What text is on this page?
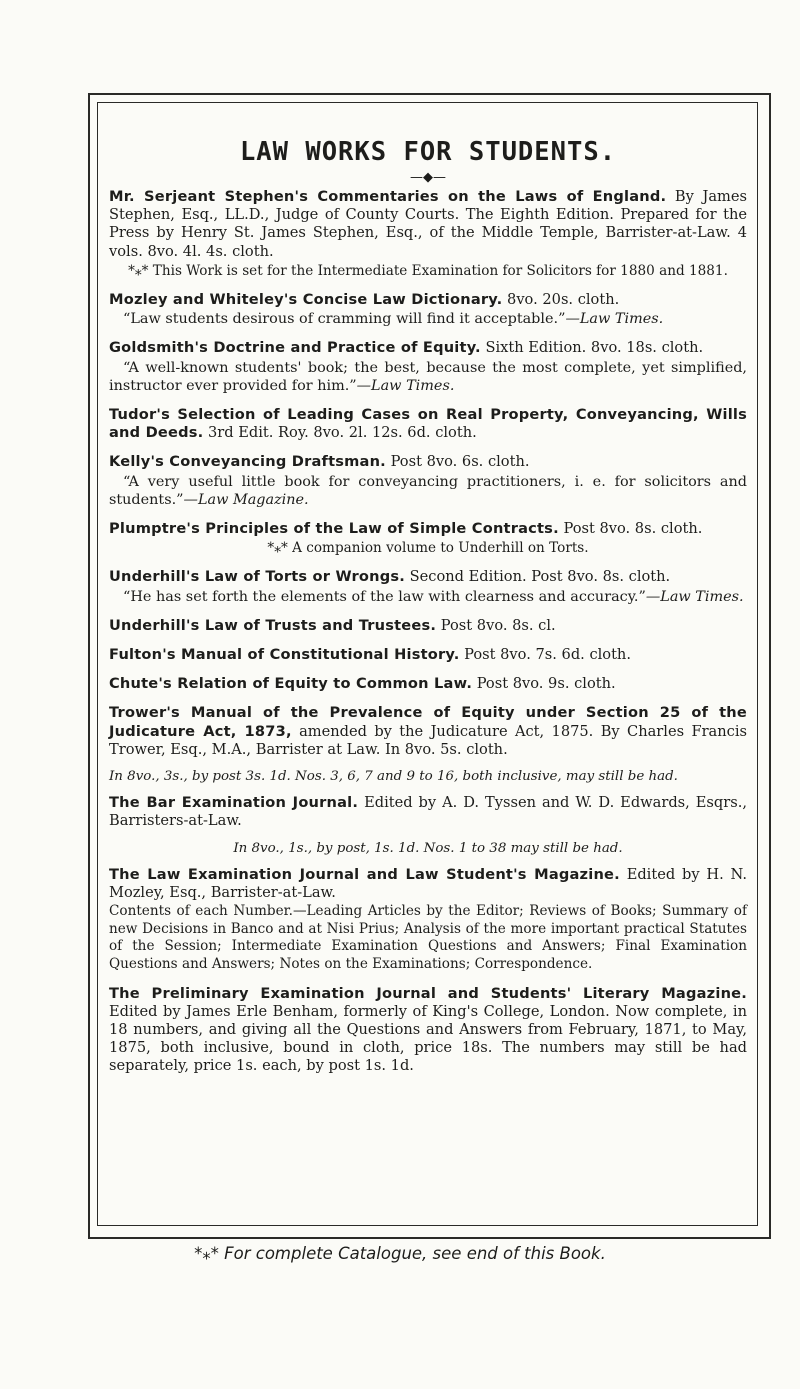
LAW WORKS FOR STUDENTS.
—◆—

Mr. Serjeant Stephen's Commentaries on the Laws of England. By James Stephen, Esq., LL.D., Judge of County Courts. The Eighth Edition. Prepared for the Press by Henry St. James Stephen, Esq., of the Middle Temple, Barrister-at-Law. 4 vols. 8vo. 4l. 4s. cloth.

*⁎* This Work is set for the Intermediate Examination for Solicitors for 1880 and 1881.

Mozley and Whiteley's Concise Law Dictionary. 8vo. 20s. cloth.

“Law students desirous of cramming will find it acceptable.”—Law Times.

Goldsmith's Doctrine and Practice of Equity. Sixth Edition. 8vo. 18s. cloth.

“A well-known students' book; the best, because the most complete, yet simplified, instructor ever provided for him.”—Law Times.

Tudor's Selection of Leading Cases on Real Property, Conveyancing, Wills and Deeds. 3rd Edit. Roy. 8vo. 2l. 12s. 6d. cloth.

Kelly's Conveyancing Draftsman. Post 8vo. 6s. cloth.

“A very useful little book for conveyancing practitioners, i. e. for solicitors and students.”—Law Magazine.

Plumptre's Principles of the Law of Simple Contracts. Post 8vo. 8s. cloth.

*⁎* A companion volume to Underhill on Torts.

Underhill's Law of Torts or Wrongs. Second Edition. Post 8vo. 8s. cloth.

“He has set forth the elements of the law with clearness and accuracy.”—Law Times.

Underhill's Law of Trusts and Trustees. Post 8vo. 8s. cl.

Fulton's Manual of Constitutional History. Post 8vo. 7s. 6d. cloth.

Chute's Relation of Equity to Common Law. Post 8vo. 9s. cloth.

Trower's Manual of the Prevalence of Equity under Section 25 of the Judicature Act, 1873, amended by the Judicature Act, 1875. By Charles Francis Trower, Esq., M.A., Barrister at Law. In 8vo. 5s. cloth.

In 8vo., 3s., by post 3s. 1d. Nos. 3, 6, 7 and 9 to 16, both inclusive, may still be had.

The Bar Examination Journal. Edited by A. D. Tyssen and W. D. Edwards, Esqrs., Barristers-at-Law.

In 8vo., 1s., by post, 1s. 1d. Nos. 1 to 38 may still be had.

The Law Examination Journal and Law Student's Magazine. Edited by H. N. Mozley, Esq., Barrister-at-Law.

Contents of each Number.—Leading Articles by the Editor; Reviews of Books; Summary of new Decisions in Banco and at Nisi Prius; Analysis of the more important practical Statutes of the Session; Intermediate Examination Questions and Answers; Final Examination Questions and Answers; Notes on the Examinations; Correspondence.

The Preliminary Examination Journal and Students' Literary Magazine. Edited by James Erle Benham, formerly of King's College, London. Now complete, in 18 numbers, and giving all the Questions and Answers from February, 1871, to May, 1875, both inclusive, bound in cloth, price 18s. The numbers may still be had separately, price 1s. each, by post 1s. 1d.

*⁎* For complete Catalogue, see end of this Book.
